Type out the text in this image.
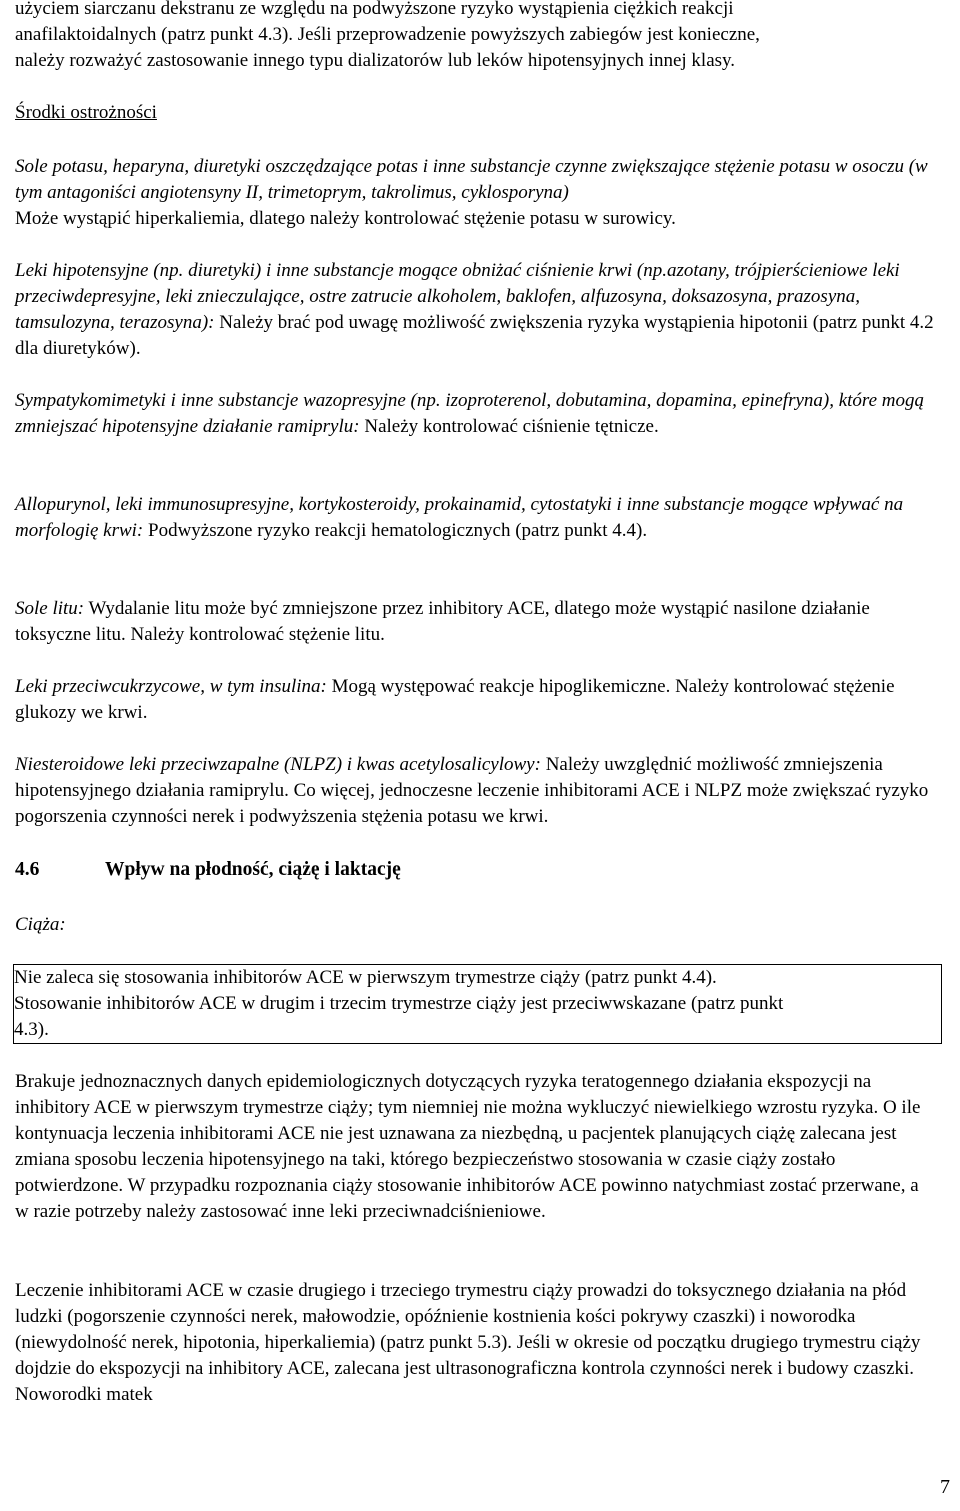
użyciem siarczanu dekstranu ze względu na podwyższone ryzyko wystąpienia ciężkich reakcji
anafilaktoidalnych (patrz punkt 4.3). Jeśli przeprowadzenie powyższych zabiegów jest konieczne,
należy rozważyć zastosowanie innego typu dializatorów lub leków hipotensyjnych innej klasy.

Środki ostrożności

Sole potasu, heparyna, diuretyki oszczędzające potas i inne substancje czynne zwiększające stężenie potasu w osoczu (w tym antagoniści angiotensyny II, trimetoprym, takrolimus, cyklosporyna)
Może wystąpić hiperkaliemia, dlatego należy kontrolować stężenie potasu w surowicy.

Leki hipotensyjne (np. diuretyki) i inne substancje mogące obniżać ciśnienie krwi (np.azotany, trójpierścieniowe leki przeciwdepresyjne, leki znieczulające, ostre zatrucie alkoholem, baklofen, alfuzosyna, doksazosyna, prazosyna, tamsulozyna, terazosyna): Należy brać pod uwagę możliwość zwiększenia ryzyka wystąpienia hipotonii (patrz punkt 4.2 dla diuretyków).

Sympatykomimetyki i inne substancje wazopresyjne (np. izoproterenol, dobutamina, dopamina, epinefryna), które mogą zmniejszać hipotensyjne działanie ramiprylu: Należy kontrolować ciśnienie tętnicze.

Allopurynol, leki immunosupresyjne, kortykosteroidy, prokainamid, cytostatyki i inne substancje mogące wpływać na morfologię krwi: Podwyższone ryzyko reakcji hematologicznych (patrz punkt 4.4).

Sole litu: Wydalanie litu może być zmniejszone przez inhibitory ACE, dlatego może wystąpić nasilone działanie toksyczne litu. Należy kontrolować stężenie litu.

Leki przeciwcukrzycowe, w tym insulina: Mogą występować reakcje hipoglikemiczne. Należy kontrolować stężenie glukozy we krwi.

Niesteroidowe leki przeciwzapalne (NLPZ) i kwas acetylosalicylowy: Należy uwzględnić możliwość zmniejszenia hipotensyjnego działania ramiprylu. Co więcej, jednoczesne leczenie inhibitorami ACE i NLPZ może zwiększać ryzyko pogorszenia czynności nerek i podwyższenia stężenia potasu we krwi.

4.6	Wpływ na płodność, ciążę i laktację

Ciąża:

Nie zaleca się stosowania inhibitorów ACE w pierwszym trymestrze ciąży (patrz punkt 4.4).
Stosowanie inhibitorów ACE w drugim i trzecim trymestrze ciąży jest przeciwwskazane (patrz punkt
4.3).

Brakuje jednoznacznych danych epidemiologicznych dotyczących ryzyka teratogennego działania ekspozycji na inhibitory ACE w pierwszym trymestrze ciąży; tym niemniej nie można wykluczyć niewielkiego wzrostu ryzyka. O ile kontynuacja leczenia inhibitorami ACE nie jest uznawana za niezbędną, u pacjentek planujących ciążę zalecana jest zmiana sposobu leczenia hipotensyjnego na taki, którego bezpieczeństwo stosowania w czasie ciąży zostało potwierdzone. W przypadku rozpoznania ciąży stosowanie inhibitorów ACE powinno natychmiast zostać przerwane, a w razie potrzeby należy zastosować inne leki przeciwnadciśnieniowe.

Leczenie inhibitorami ACE w czasie drugiego i trzeciego trymestru ciąży prowadzi do toksycznego działania na płód ludzki (pogorszenie czynności nerek, małowodzie, opóźnienie kostnienia kości pokrywy czaszki) i noworodka (niewydolność nerek, hipotonia, hiperkaliemia) (patrz punkt 5.3). Jeśli w okresie od początku drugiego trymestru ciąży dojdzie do ekspozycji na inhibitory ACE, zalecana jest ultrasonograficzna kontrola czynności nerek i budowy czaszki. Noworodki matek

7
